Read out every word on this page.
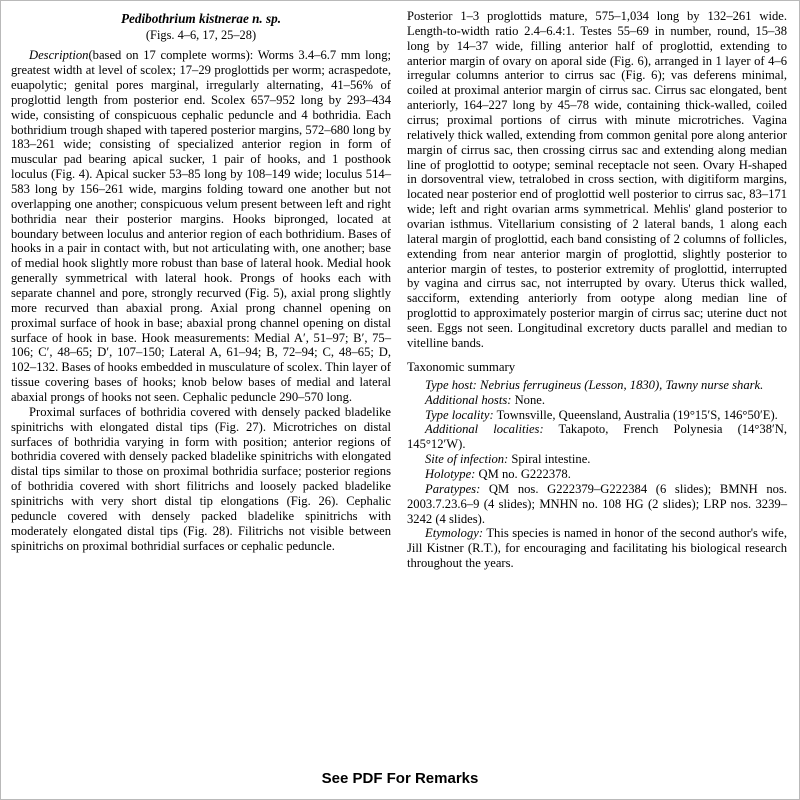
Pedibothrium kistnerae n. sp.
(Figs. 4–6, 17, 25–28)

Description(based on 17 complete worms): Worms 3.4–6.7 mm long; greatest width at level of scolex; 17–29 proglottids per worm; acraspedote, euapolytic; genital pores marginal, irregularly alternating, 41–56% of proglottid length from posterior end. Scolex 657–952 long by 293–434 wide, consisting of conspicuous cephalic peduncle and 4 bothridia. Each bothridium trough shaped with tapered posterior margins, 572–680 long by 183–261 wide; consisting of specialized anterior region in form of muscular pad bearing apical sucker, 1 pair of hooks, and 1 posthook loculus (Fig. 4). Apical sucker 53–85 long by 108–149 wide; loculus 514–583 long by 156–261 wide, margins folding toward one another but not overlapping one another; conspicuous velum present between left and right bothridia near their posterior margins. Hooks bipronged, located at boundary between loculus and anterior region of each bothridium. Bases of hooks in a pair in contact with, but not articulating with, one another; base of medial hook slightly more robust than base of lateral hook. Medial hook generally symmetrical with lateral hook. Prongs of hooks each with separate channel and pore, strongly recurved (Fig. 5), axial prong slightly more recurved than abaxial prong. Axial prong channel opening on proximal surface of hook in base; abaxial prong channel opening on distal surface of hook in base. Hook measurements: Medial A′, 51–97; B′, 75–106; C′, 48–65; D′, 107–150; Lateral A, 61–94; B, 72–94; C, 48–65; D, 102–132. Bases of hooks embedded in musculature of scolex. Thin layer of tissue covering bases of hooks; knob below bases of medial and lateral abaxial prongs of hooks not seen. Cephalic peduncle 290–570 long.

Proximal surfaces of bothridia covered with densely packed bladelike spinitrichs with elongated distal tips (Fig. 27). Microtriches on distal surfaces of bothridia varying in form with position; anterior regions of bothridia covered with densely packed bladelike spinitrichs with elongated distal tips similar to those on proximal bothridia surface; posterior regions of bothridia covered with short filitrichs and loosely packed bladelike spinitrichs with very short distal tip elongations (Fig. 26). Cephalic peduncle covered with densely packed bladelike spinitrichs with moderately elongated distal tips (Fig. 28). Filitrichs not visible between spinitrichs on proximal bothridial surfaces or cephalic peduncle.

Posterior 1–3 proglottids mature, 575–1,034 long by 132–261 wide. Length-to-width ratio 2.4–6.4:1. Testes 55–69 in number, round, 15–38 long by 14–37 wide, filling anterior half of proglottid, extending to anterior margin of ovary on aporal side (Fig. 6), arranged in 1 layer of 4–6 irregular columns anterior to cirrus sac (Fig. 6); vas deferens minimal, coiled at proximal anterior margin of cirrus sac. Cirrus sac elongated, bent anteriorly, 164–227 long by 45–78 wide, containing thick-walled, coiled cirrus; proximal portions of cirrus with minute microtriches. Vagina relatively thick walled, extending from common genital pore along anterior margin of cirrus sac, then crossing cirrus sac and extending along median line of proglottid to ootype; seminal receptacle not seen. Ovary H-shaped in dorsoventral view, tetralobed in cross section, with digitiform margins, located near posterior end of proglottid well posterior to cirrus sac, 83–171 wide; left and right ovarian arms symmetrical. Mehlis' gland posterior to ovarian isthmus. Vitellarium consisting of 2 lateral bands, 1 along each lateral margin of proglottid, each band consisting of 2 columns of follicles, extending from near anterior margin of proglottid, slightly posterior to anterior margin of testes, to posterior extremity of proglottid, interrupted by vagina and cirrus sac, not interrupted by ovary. Uterus thick walled, sacciform, extending anteriorly from ootype along median line of proglottid to approximately posterior margin of cirrus sac; uterine duct not seen. Eggs not seen. Longitudinal excretory ducts parallel and median to vitelline bands.

Taxonomic summary

Type host: Nebrius ferrugineus (Lesson, 1830), Tawny nurse shark.

Additional hosts: None.

Type locality: Townsville, Queensland, Australia (19°15′S, 146°50′E).

Additional localities: Takapoto, French Polynesia (14°38′N, 145°12′W).

Site of infection: Spiral intestine.

Holotype: QM no. G222378.

Paratypes: QM nos. G222379–G222384 (6 slides); BMNH nos. 2003.7.23.6–9 (4 slides); MNHN no. 108 HG (2 slides); LRP nos. 3239–3242 (4 slides).

Etymology: This species is named in honor of the second author's wife, Jill Kistner (R.T.), for encouraging and facilitating his biological research throughout the years.

See PDF For Remarks
